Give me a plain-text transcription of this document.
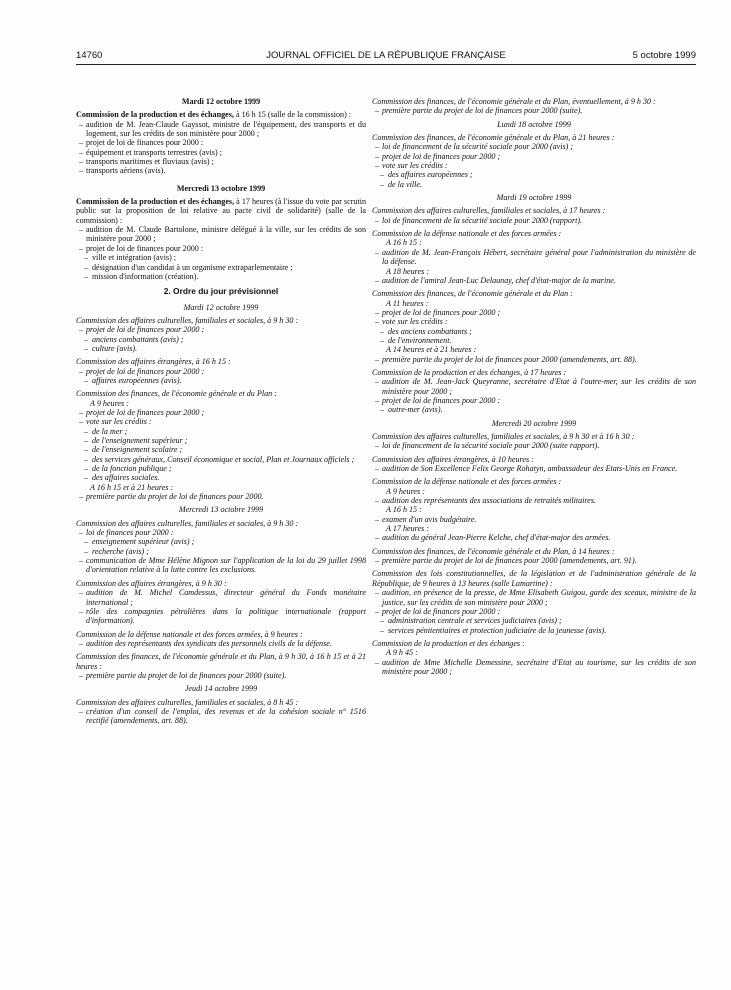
14760	JOURNAL OFFICIEL DE LA RÉPUBLIQUE FRANÇAISE	5 octobre 1999
Mardi 12 octobre 1999
Commission de la production et des échanges, à 16 h 15 (salle de la commission) :
– audition de M. Jean-Claude Gayssot, ministre de l'équipement, des transports et du logement, sur les crédits de son ministère pour 2000 ;
– projet de loi de finances pour 2000 :
– équipement et transports terrestres (avis) ;
– transports maritimes et fluviaux (avis) ;
– transports aériens (avis).
Mercredi 13 octobre 1999
Commission de la production et des échanges, à 17 heures (à l'issue du vote par scrutin public sur la proposition de loi relative au pacte civil de solidarité) (salle de la commission) :
– audition de M. Claude Bartolone, ministre délégué à la ville, sur les crédits de son ministère pour 2000 ;
– projet de loi de finances pour 2000 :
– ville et intégration (avis) ;
– désignation d'un candidat à un organisme extraparlementaire ;
– mission d'information (création).
2. Ordre du jour prévisionnel
Mardi 12 octobre 1999
Commission des affaires culturelles, familiales et sociales, à 9 h 30 :
– projet de loi de finances pour 2000 :
– anciens combattants (avis) ;
– culture (avis).
Commission des affaires étrangères, à 16 h 15 :
– projet de loi de finances pour 2000 :
– affaires européennes (avis).
Commission des finances, de l'économie générale et du Plan :
A 9 heures :
– projet de loi de finances pour 2000 ;
– vote sur les crédits :
– de la mer ;
– de l'enseignement supérieur ;
– de l'enseignement scolaire ;
– des services généraux, Conseil économique et social, Plan et Journaux officiels ;
– de la fonction publique ;
– des affaires sociales.
A 16 h 15 et à 21 heures :
– première partie du projet de loi de finances pour 2000.
Mercredi 13 octobre 1999
Commission des affaires culturelles, familiales et sociales, à 9 h 30 :
– loi de finances pour 2000 :
– enseignement supérieur (avis) ;
– recherche (avis) ;
– communication de Mme Hélène Mignon sur l'application de la loi du 29 juillet 1998 d'orientation relative à la lutte contre les exclusions.
Commission des affaires étrangères, à 9 h 30 :
– audition de M. Michel Camdessus, directeur général du Fonds monétaire international ;
– rôle des compagnies pétrolières dans la politique internationale (rapport d'information).
Commission de la défense nationale et des forces armées, à 9 heures :
– audition des représentants des syndicats des personnels civils de la défense.
Commission des finances, de l'économie générale et du Plan, à 9 h 30, à 16 h 15 et à 21 heures :
– première partie du projet de loi de finances pour 2000 (suite).
Jeudi 14 octobre 1999
Commission des affaires culturelles, familiales et sociales, à 8 h 45 :
– création d'un conseil de l'emploi, des revenus et de la cohésion sociale n° 1516 rectifié (amendements, art. 88).
Commission des finances, de l'économie générale et du Plan, éventuellement, à 9 h 30 :
– première partie du projet de loi de finances pour 2000 (suite).
Lundi 18 octobre 1999
Commission des finances, de l'économie générale et du Plan, à 21 heures :
– loi de financement de la sécurité sociale pour 2000 (avis) ;
– projet de loi de finances pour 2000 ;
– vote sur les crédits :
– des affaires européennes ;
– de la ville.
Mardi 19 octobre 1999
Commission des affaires culturelles, familiales et sociales, à 17 heures :
– loi de financement de la sécurité sociale pour 2000 (rapport).
Commission de la défense nationale et des forces armées :
A 16 h 15 :
– audition de M. Jean-François Hébert, secrétaire général pour l'administration du ministère de la défense.
A 18 heures :
– audition de l'amiral Jean-Luc Delaunay, chef d'état-major de la marine.
Commission des finances, de l'économie générale et du Plan :
A 11 heures :
– projet de loi de finances pour 2000 ;
– vote sur les crédits :
– des anciens combattants ;
– de l'environnement.
A 14 heures et à 21 heures :
– première partie du projet de loi de finances pour 2000 (amendements, art. 88).
Commission de la production et des échanges, à 17 heures :
– audition de M. Jean-Jack Queyranne, secrétaire d'Etat à l'outre-mer, sur les crédits de son ministère pour 2000 ;
– projet de loi de finances pour 2000 :
– outre-mer (avis).
Mercredi 20 octobre 1999
Commission des affaires culturelles, familiales et sociales, à 9 h 30 et à 16 h 30 :
– loi de financement de la sécurité sociale pour 2000 (suite rapport).
Commission des affaires étrangères, à 10 heures :
– audition de Son Excellence Felix George Rohatyn, ambassadeur des Etats-Unis en France.
Commission de la défense nationale et des forces armées :
A 9 heures :
– audition des représentants des associations de retraités militaires.
A 16 h 15 :
– examen d'un avis budgétaire.
A 17 heures :
– audition du général Jean-Pierre Kelche, chef d'état-major des armées.
Commission des finances, de l'économie générale et du Plan, à 14 heures :
– première partie du projet de loi de finances pour 2000 (amendements, art. 91).
Commission des lois constitutionnelles, de la législation et de l'administration générale de la République, de 9 heures à 13 heures (salle Lamartine) :
– audition, en présence de la presse, de Mme Elisabeth Guigou, garde des sceaux, ministre de la justice, sur les crédits de son ministère pour 2000 ;
– projet de loi de finances pour 2000 :
– administration centrale et services judiciaires (avis) ;
– services pénitentiaires et protection judiciaire de la jeunesse (avis).
Commission de la production et des échanges :
A 9 h 45 :
– audition de Mme Michelle Demessine, secrétaire d'Etat au tourisme, sur les crédits de son ministère pour 2000 ;
